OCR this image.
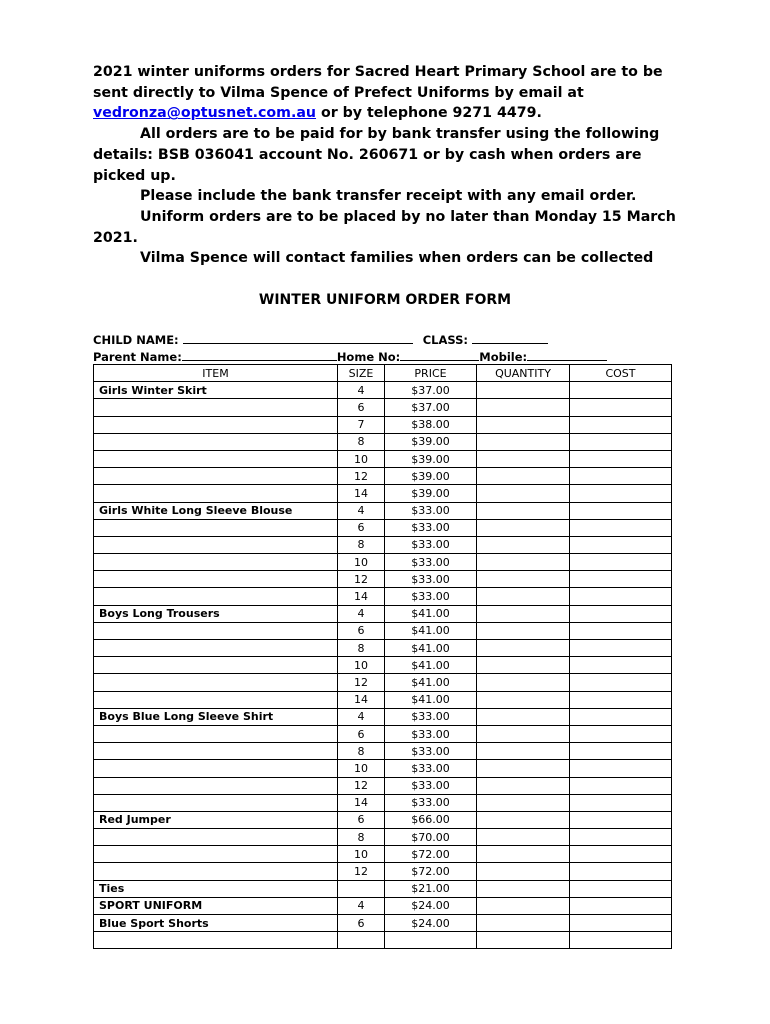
2021 winter uniforms orders for Sacred Heart Primary School are to be sent directly to Vilma Spence of Prefect Uniforms by email at vedronza@optusnet.com.au or by telephone 9271 4479.

All orders are to be paid for by bank transfer using the following details: BSB 036041 account No. 260671 or by cash when orders are picked up.

Please include the bank transfer receipt with any email order.

Uniform orders are to be placed by no later than Monday 15 March 2021.

Vilma Spence will contact families when orders can be collected

WINTER UNIFORM ORDER FORM
CHILD NAME:	CLASS:
Parent Name:	Home No:	Mobile:
ITEM	SIZE	PRICE	QUANTITY	COST
Girls Winter Skirt	4	$37.00		
	6	$37.00		
	7	$38.00		
	8	$39.00		
	10	$39.00		
	12	$39.00		
	14	$39.00		
Girls White Long Sleeve Blouse	4	$33.00		
	6	$33.00		
	8	$33.00		
	10	$33.00		
	12	$33.00		
	14	$33.00		
Boys Long Trousers	4	$41.00		
	6	$41.00		
	8	$41.00		
	10	$41.00		
	12	$41.00		
	14	$41.00		
Boys Blue Long Sleeve Shirt	4	$33.00		
	6	$33.00		
	8	$33.00		
	10	$33.00		
	12	$33.00		
	14	$33.00		
Red Jumper	6	$66.00		
	8	$70.00		
	10	$72.00		
	12	$72.00		
Ties		$21.00		
SPORT UNIFORM	4	$24.00		
Blue Sport Shorts	6	$24.00		
